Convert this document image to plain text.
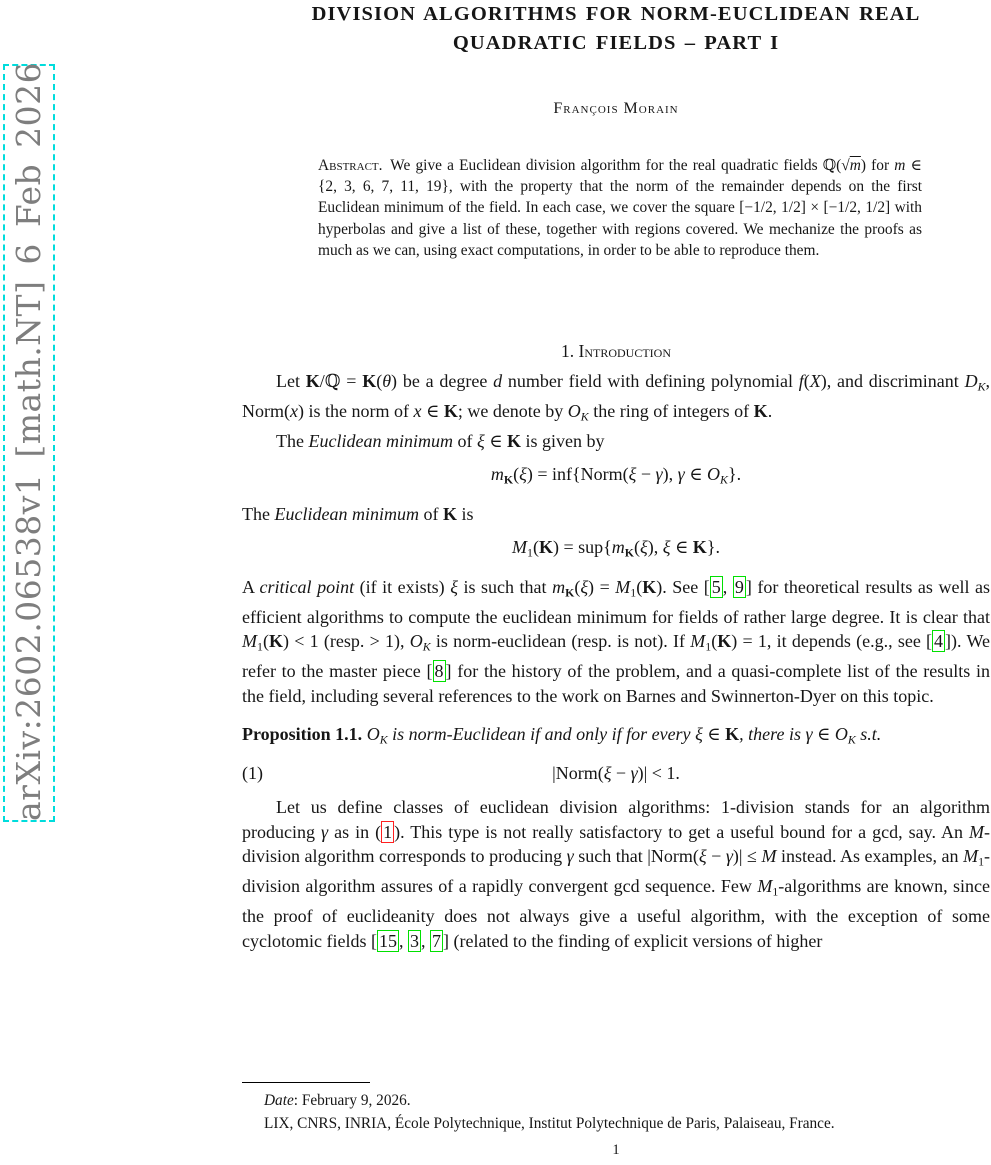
arXiv:2602.06538v1 [math.NT] 6 Feb 2026
DIVISION ALGORITHMS FOR NORM-EUCLIDEAN REAL
QUADRATIC FIELDS – PART I
François Morain
Abstract. We give a Euclidean division algorithm for the real quadratic fields ℚ(√m) for m ∈ {2, 3, 6, 7, 11, 19}, with the property that the norm of the remainder depends on the first Euclidean minimum of the field. In each case, we cover the square [−1/2, 1/2] × [−1/2, 1/2] with hyperbolas and give a list of these, together with regions covered. We mechanize the proofs as much as we can, using exact computations, in order to be able to reproduce them.
1. Introduction

Let K/ℚ = K(θ) be a degree d number field with defining polynomial f(X), and discriminant DK, Norm(x) is the norm of x ∈ K; we denote by OK the ring of integers of K.

The Euclidean minimum of ξ ∈ K is given by

mK(ξ) = inf{Norm(ξ − γ), γ ∈ OK}.

The Euclidean minimum of K is

M1(K) = sup{mK(ξ), ξ ∈ K}.

A critical point (if it exists) ξ is such that mK(ξ) = M1(K). See [ 5 , 9 ] for theoretical results as well as efficient algorithms to compute the euclidean minimum for fields of rather large degree. It is clear that M1(K) < 1 (resp. > 1), OK is norm-euclidean (resp. is not). If M1(K) = 1, it depends (e.g., see [ 4 ]). We refer to the master piece [ 8 ] for the history of the problem, and a quasi-complete list of the results in the field, including several references to the work on Barnes and Swinnerton-Dyer on this topic.

Proposition 1.1. OK is norm-Euclidean if and only if for every ξ ∈ K, there is γ ∈ OK s.t.

(1)	|Norm(ξ − γ)| < 1.

Let us define classes of euclidean division algorithms: 1-division stands for an algorithm producing γ as in ( 1 ). This type is not really satisfactory to get a useful bound for a gcd, say. An M-division algorithm corresponds to producing γ such that |Norm(ξ − γ)| ≤ M instead. As examples, an M1-division algorithm assures of a rapidly convergent gcd sequence. Few M1-algorithms are known, since the proof of euclideanity does not always give a useful algorithm, with the exception of some cyclotomic fields [ 15 , 3 , 7 ] (related to the finding of explicit versions of higher

Date: February 9, 2026.
LIX, CNRS, INRIA, École Polytechnique, Institut Polytechnique de Paris, Palaiseau, France.
1
